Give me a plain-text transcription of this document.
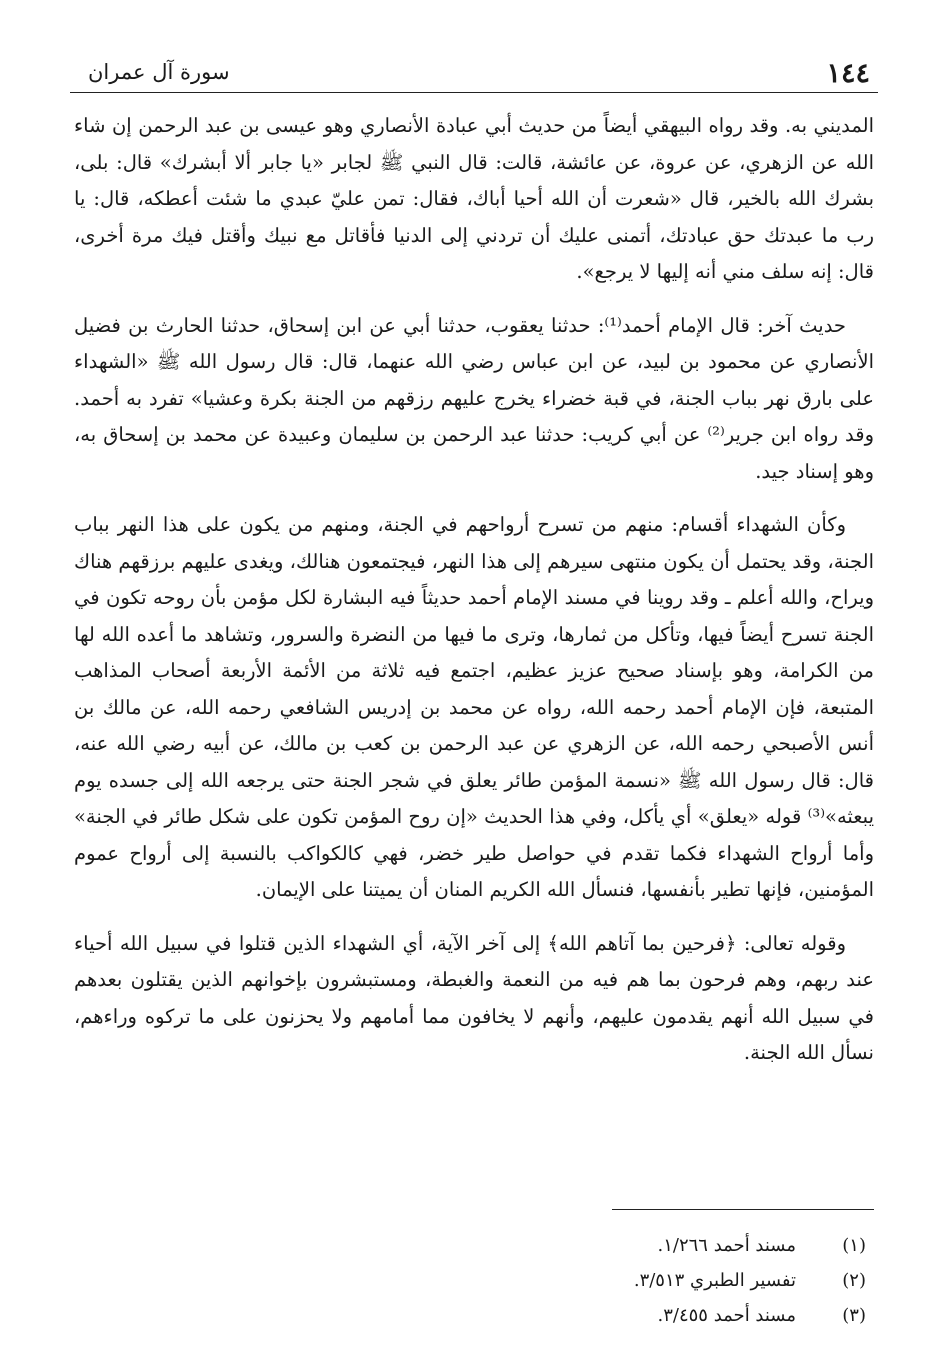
١٤٤
سورة آل عمران

المديني به. وقد رواه البيهقي أيضاً من حديث أبي عبادة الأنصاري وهو عيسى بن عبد الرحمن إن شاء الله عن الزهري، عن عروة، عن عائشة، قالت: قال النبي ﷺ لجابر «يا جابر ألا أبشرك» قال: بلى، بشرك الله بالخير، قال «شعرت أن الله أحيا أباك، فقال: تمن عليّ عبدي ما شئت أعطكه، قال: يا رب ما عبدتك حق عبادتك، أتمنى عليك أن تردني إلى الدنيا فأقاتل مع نبيك وأقتل فيك مرة أخرى، قال: إنه سلف مني أنه إليها لا يرجع».

حديث آخر: قال الإمام أحمد⁽¹⁾: حدثنا يعقوب، حدثنا أبي عن ابن إسحاق، حدثنا الحارث بن فضيل الأنصاري عن محمود بن لبيد، عن ابن عباس رضي الله عنهما، قال: قال رسول الله ﷺ «الشهداء على بارق نهر بباب الجنة، في قبة خضراء يخرج عليهم رزقهم من الجنة بكرة وعشيا» تفرد به أحمد. وقد رواه ابن جرير⁽²⁾ عن أبي كريب: حدثنا عبد الرحمن بن سليمان وعبيدة عن محمد بن إسحاق به، وهو إسناد جيد.

وكأن الشهداء أقسام: منهم من تسرح أرواحهم في الجنة، ومنهم من يكون على هذا النهر بباب الجنة، وقد يحتمل أن يكون منتهى سيرهم إلى هذا النهر، فيجتمعون هنالك، ويغدى عليهم برزقهم هناك ويراح، والله أعلم ـ وقد روينا في مسند الإمام أحمد حديثاً فيه البشارة لكل مؤمن بأن روحه تكون في الجنة تسرح أيضاً فيها، وتأكل من ثمارها، وترى ما فيها من النضرة والسرور، وتشاهد ما أعده الله لها من الكرامة، وهو بإسناد صحيح عزيز عظيم، اجتمع فيه ثلاثة من الأئمة الأربعة أصحاب المذاهب المتبعة، فإن الإمام أحمد رحمه الله، رواه عن محمد بن إدريس الشافعي رحمه الله، عن مالك بن أنس الأصبحي رحمه الله، عن الزهري عن عبد الرحمن بن كعب بن مالك، عن أبيه رضي الله عنه، قال: قال رسول الله ﷺ «نسمة المؤمن طائر يعلق في شجر الجنة حتى يرجعه الله إلى جسده يوم يبعثه»⁽³⁾ قوله «يعلق» أي يأكل، وفي هذا الحديث «إن روح المؤمن تكون على شكل طائر في الجنة» وأما أرواح الشهداء فكما تقدم في حواصل طير خضر، فهي كالكواكب بالنسبة إلى أرواح عموم المؤمنين، فإنها تطير بأنفسها، فنسأل الله الكريم المنان أن يميتنا على الإيمان.

وقوله تعالى: ﴿فرحين بما آتاهم الله﴾ إلى آخر الآية، أي الشهداء الذين قتلوا في سبيل الله أحياء عند ربهم، وهم فرحون بما هم فيه من النعمة والغبطة، ومستبشرون بإخوانهم الذين يقتلون بعدهم في سبيل الله أنهم يقدمون عليهم، وأنهم لا يخافون مما أمامهم ولا يحزنون على ما تركوه وراءهم، نسأل الله الجنة.

(١)
مسند أحمد ١/٢٦٦.
(٢)
تفسير الطبري ٣/٥١٣.
(٣)
مسند أحمد ٣/٤٥٥.
